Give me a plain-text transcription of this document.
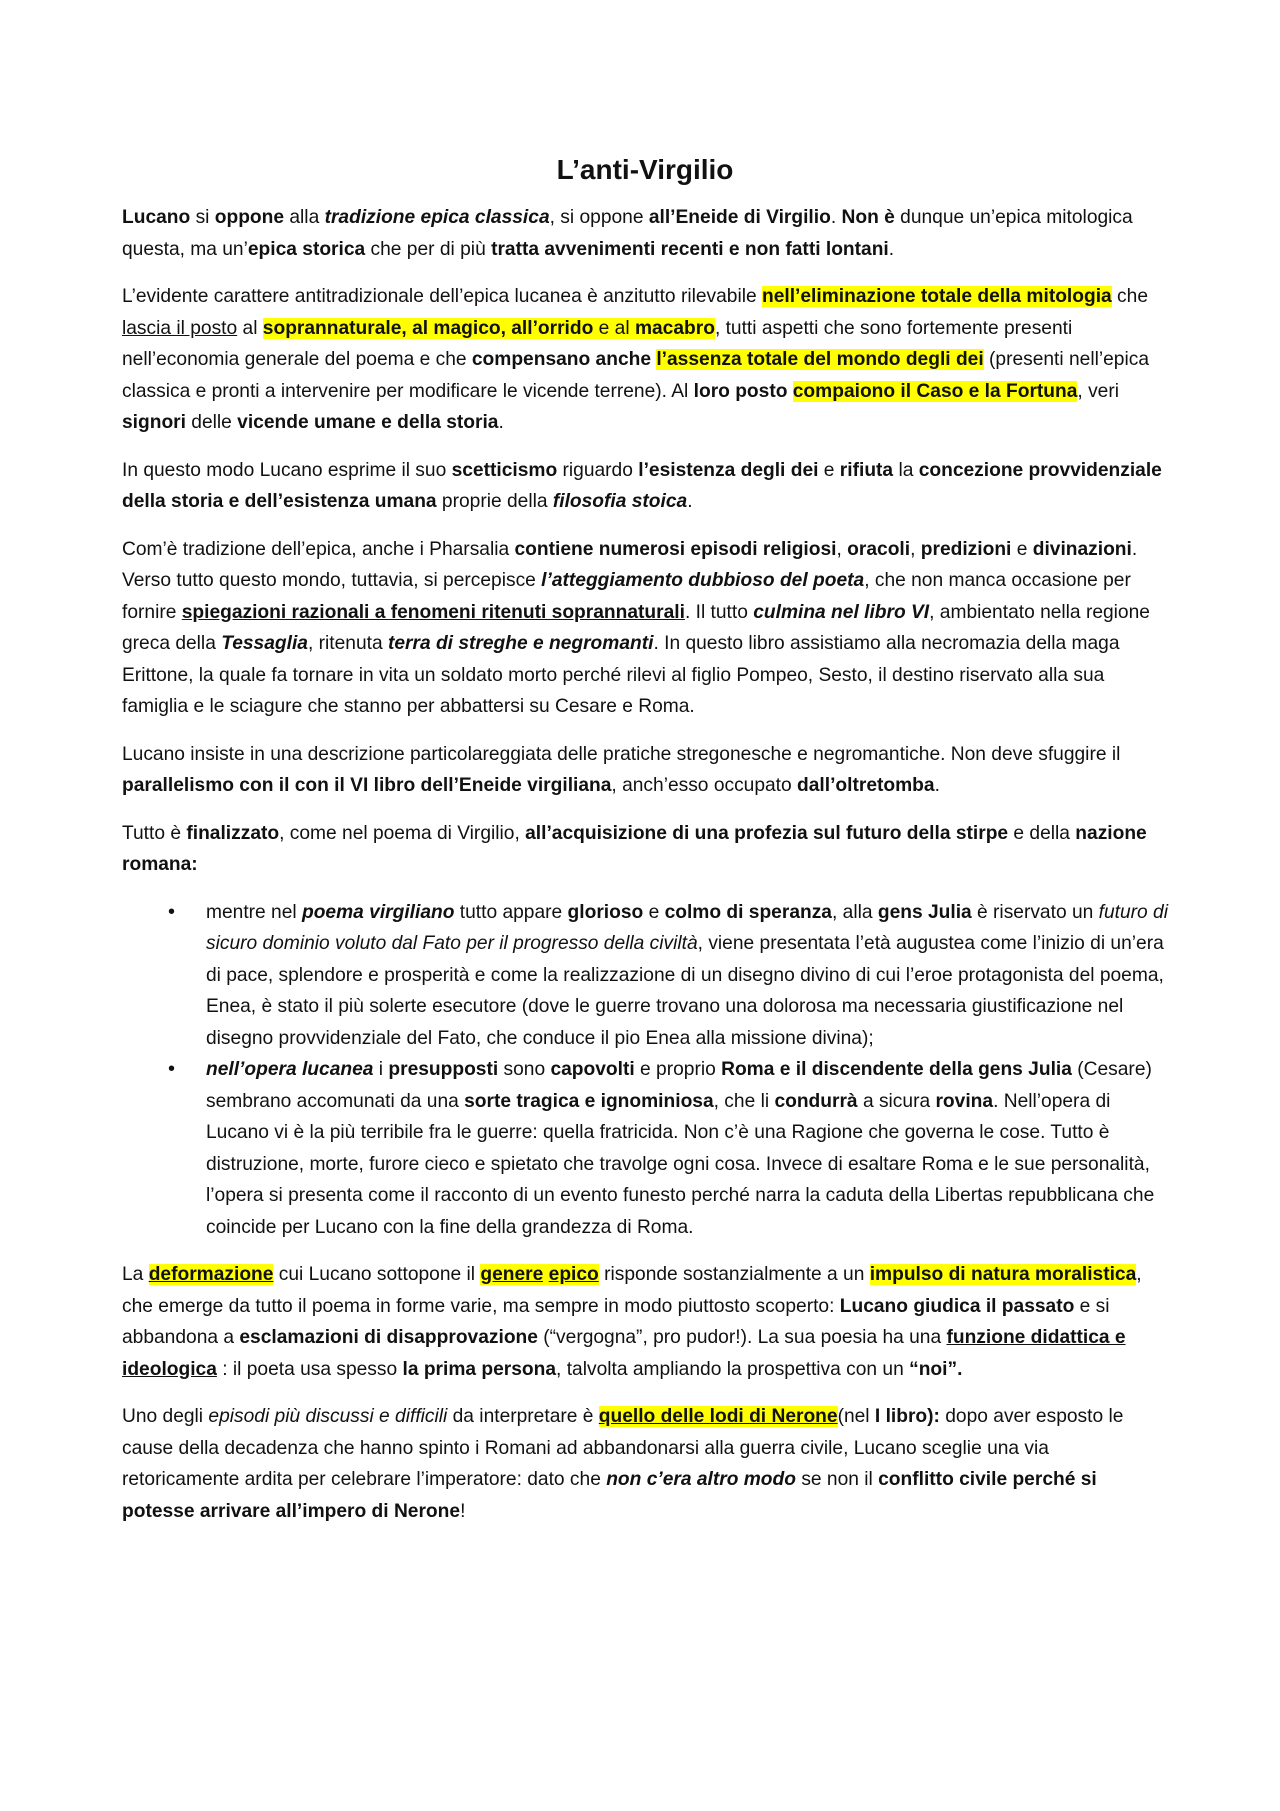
L’anti-Virgilio

Lucano si oppone alla tradizione epica classica, si oppone all’Eneide di Virgilio. Non è dunque un’epica mitologica questa, ma un’epica storica che per di più tratta avvenimenti recenti e non fatti lontani.

L’evidente carattere antitradizionale dell’epica lucanea è anzitutto rilevabile nell’eliminazione totale della mitologia che lascia il posto al soprannaturale, al magico, all’orrido e al macabro, tutti aspetti che sono fortemente presenti nell’economia generale del poema e che compensano anche l’assenza totale del mondo degli dei (presenti nell’epica classica e pronti a intervenire per modificare le vicende terrene). Al loro posto compaiono il Caso e la Fortuna, veri signori delle vicende umane e della storia.

In questo modo Lucano esprime il suo scetticismo riguardo l’esistenza degli dei e rifiuta la concezione provvidenziale della storia e dell’esistenza umana proprie della filosofia stoica.

Com’è tradizione dell’epica, anche i Pharsalia contiene numerosi episodi religiosi, oracoli, predizioni e divinazioni. Verso tutto questo mondo, tuttavia, si percepisce l’atteggiamento dubbioso del poeta, che non manca occasione per fornire spiegazioni razionali a fenomeni ritenuti soprannaturali. Il tutto culmina nel libro VI, ambientato nella regione greca della Tessaglia, ritenuta terra di streghe e negromanti. In questo libro assistiamo alla necromazia della maga Erittone, la quale fa tornare in vita un soldato morto perché rilevi al figlio Pompeo, Sesto, il destino riservato alla sua famiglia e le sciagure che stanno per abbattersi su Cesare e Roma.

Lucano insiste in una descrizione particolareggiata delle pratiche stregonesche e negromantiche. Non deve sfuggire il parallelismo con il con il VI libro dell’Eneide virgiliana, anch’esso occupato dall’oltretomba.

Tutto è finalizzato, come nel poema di Virgilio, all’acquisizione di una profezia sul futuro della stirpe e della nazione romana:

• mentre nel poema virgiliano tutto appare glorioso e colmo di speranza, alla gens Julia è riservato un futuro di sicuro dominio voluto dal Fato per il progresso della civiltà, viene presentata l’età augustea come l’inizio di un’era di pace, splendore e prosperità e come la realizzazione di un disegno divino di cui l’eroe protagonista del poema, Enea, è stato il più solerte esecutore (dove le guerre trovano una dolorosa ma necessaria giustificazione nel disegno provvidenziale del Fato, che conduce il pio Enea alla missione divina);
• nell’opera lucanea i presupposti sono capovolti e proprio Roma e il discendente della gens Julia (Cesare) sembrano accomunati da una sorte tragica e ignominiosa, che li condurrà a sicura rovina. Nell’opera di Lucano vi è la più terribile fra le guerre: quella fratricida. Non c’è una Ragione che governa le cose. Tutto è distruzione, morte, furore cieco e spietato che travolge ogni cosa. Invece di esaltare Roma e le sue personalità, l’opera si presenta come il racconto di un evento funesto perché narra la caduta della Libertas repubblicana che coincide per Lucano con la fine della grandezza di Roma.

La deformazione cui Lucano sottopone il genere epico risponde sostanzialmente a un impulso di natura moralistica, che emerge da tutto il poema in forme varie, ma sempre in modo piuttosto scoperto: Lucano giudica il passato e si abbandona a esclamazioni di disapprovazione (“vergogna”, pro pudor!). La sua poesia ha una funzione didattica e ideologica : il poeta usa spesso la prima persona, talvolta ampliando la prospettiva con un “noi”.

Uno degli episodi più discussi e difficili da interpretare è quello delle lodi di Nerone(nel I libro): dopo aver esposto le cause della decadenza che hanno spinto i Romani ad abbandonarsi alla guerra civile, Lucano sceglie una via retoricamente ardita per celebrare l’imperatore: dato che non c’era altro modo se non il conflitto civile perché si potesse arrivare all’impero di Nerone!
